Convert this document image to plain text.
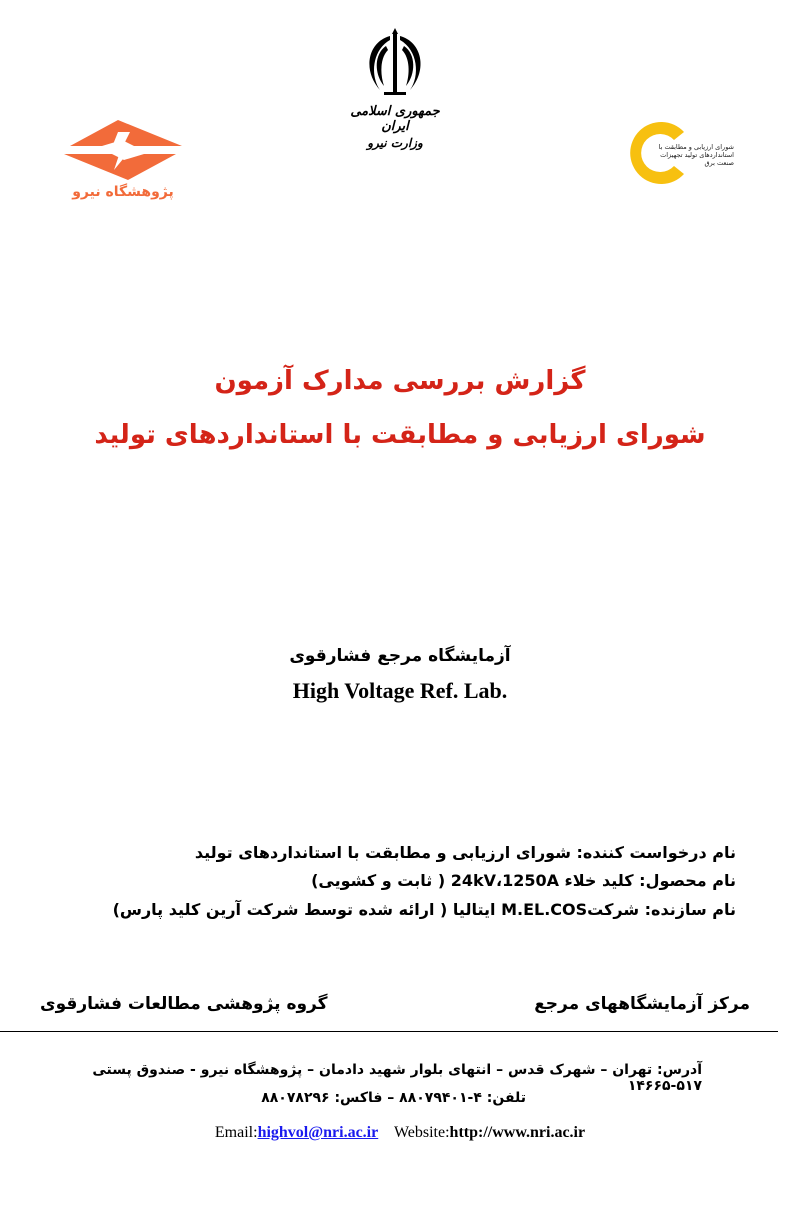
جمهوری اسلامی ایران
وزارت نیرو
پژوهشگاه نیرو
شورای ارزیابی و مطابقت با
استانداردهای تولید تجهیزات
صنعت برق
گزارش بررسی مدارک آزمون
شورای ارزیابی و مطابقت با استانداردهای تولید
آزمایشگاه مرجع فشارقوی
High Voltage Ref. Lab.
نام درخواست کننده: شورای ارزیابی و مطابقت با استانداردهای تولید
نام محصول: کلید خلاء 24kV،1250A ( ثابت و کشویی)
نام سازنده: شرکتM.EL.COS ایتالیا ( ارائه شده توسط شرکت آرین کلید پارس)
مرکز آزمایشگاههای مرجع
گروه پژوهشی مطالعات فشارقوی
آدرس: تهران – شهرک قدس – انتهای بلوار شهید دادمان – پژوهشگاه نیرو - صندوق پستی ۵۱۷-۱۴۶۶۵
تلفن: ۴-۸۸۰۷۹۴۰۱ – فاکس: ۸۸۰۷۸۲۹۶
Email:highvol@nri.ac.ir Website:http://www.nri.ac.ir
